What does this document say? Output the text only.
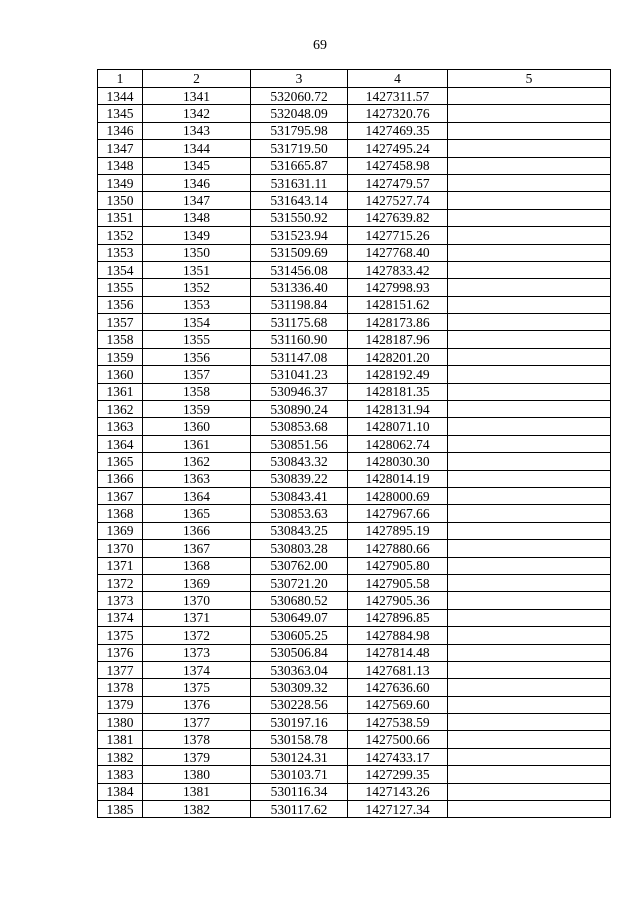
69
1	2	3	4	5
1344	1341	532060.72	1427311.57	
1345	1342	532048.09	1427320.76	
1346	1343	531795.98	1427469.35	
1347	1344	531719.50	1427495.24	
1348	1345	531665.87	1427458.98	
1349	1346	531631.11	1427479.57	
1350	1347	531643.14	1427527.74	
1351	1348	531550.92	1427639.82	
1352	1349	531523.94	1427715.26	
1353	1350	531509.69	1427768.40	
1354	1351	531456.08	1427833.42	
1355	1352	531336.40	1427998.93	
1356	1353	531198.84	1428151.62	
1357	1354	531175.68	1428173.86	
1358	1355	531160.90	1428187.96	
1359	1356	531147.08	1428201.20	
1360	1357	531041.23	1428192.49	
1361	1358	530946.37	1428181.35	
1362	1359	530890.24	1428131.94	
1363	1360	530853.68	1428071.10	
1364	1361	530851.56	1428062.74	
1365	1362	530843.32	1428030.30	
1366	1363	530839.22	1428014.19	
1367	1364	530843.41	1428000.69	
1368	1365	530853.63	1427967.66	
1369	1366	530843.25	1427895.19	
1370	1367	530803.28	1427880.66	
1371	1368	530762.00	1427905.80	
1372	1369	530721.20	1427905.58	
1373	1370	530680.52	1427905.36	
1374	1371	530649.07	1427896.85	
1375	1372	530605.25	1427884.98	
1376	1373	530506.84	1427814.48	
1377	1374	530363.04	1427681.13	
1378	1375	530309.32	1427636.60	
1379	1376	530228.56	1427569.60	
1380	1377	530197.16	1427538.59	
1381	1378	530158.78	1427500.66	
1382	1379	530124.31	1427433.17	
1383	1380	530103.71	1427299.35	
1384	1381	530116.34	1427143.26	
1385	1382	530117.62	1427127.34	
